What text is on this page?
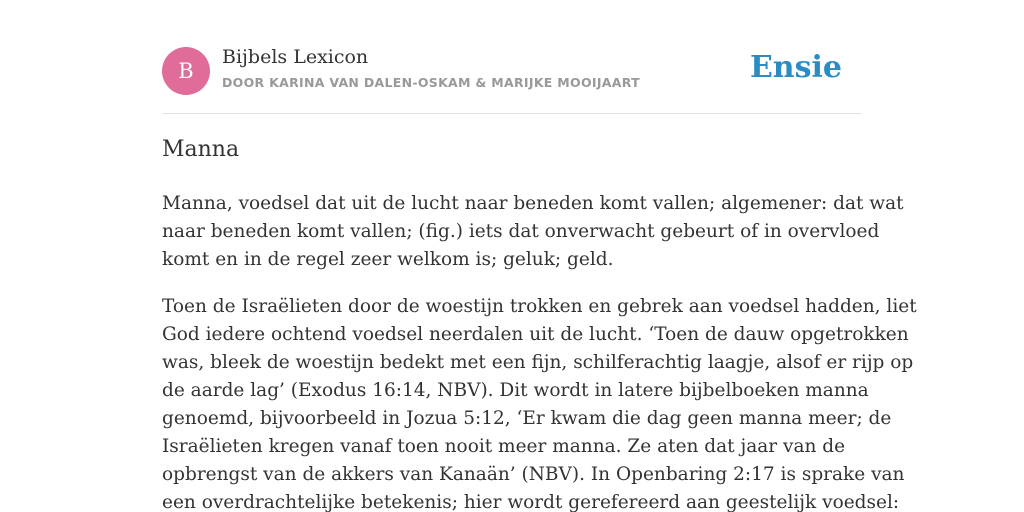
B
Bijbels Lexicon
DOOR KARINA VAN DALEN-OSKAM & MARIJKE MOOIJAART	Ensie
Manna

Manna, voedsel dat uit de lucht naar beneden komt vallen; algemener: dat wat
naar beneden komt vallen; (fig.) iets dat onverwacht gebeurt of in overvloed
komt en in de regel zeer welkom is; geluk; geld.

Toen de Israëlieten door de woestijn trokken en gebrek aan voedsel hadden, liet
God iedere ochtend voedsel neerdalen uit de lucht. ‘Toen de dauw opgetrokken
was, bleek de woestijn bedekt met een fijn, schilferachtig laagje, alsof er rijp op
de aarde lag’ (Exodus 16:14, NBV). Dit wordt in latere bijbelboeken manna
genoemd, bijvoorbeeld in Jozua 5:12, ‘Er kwam die dag geen manna meer; de
Israëlieten kregen vanaf toen nooit meer manna. Ze aten dat jaar van de
opbrengst van de akkers van Kanaän’ (NBV). In Openbaring 2:17 is sprake van
een overdrachtelijke betekenis; hier wordt gerefereerd aan geestelijk voedsel:
